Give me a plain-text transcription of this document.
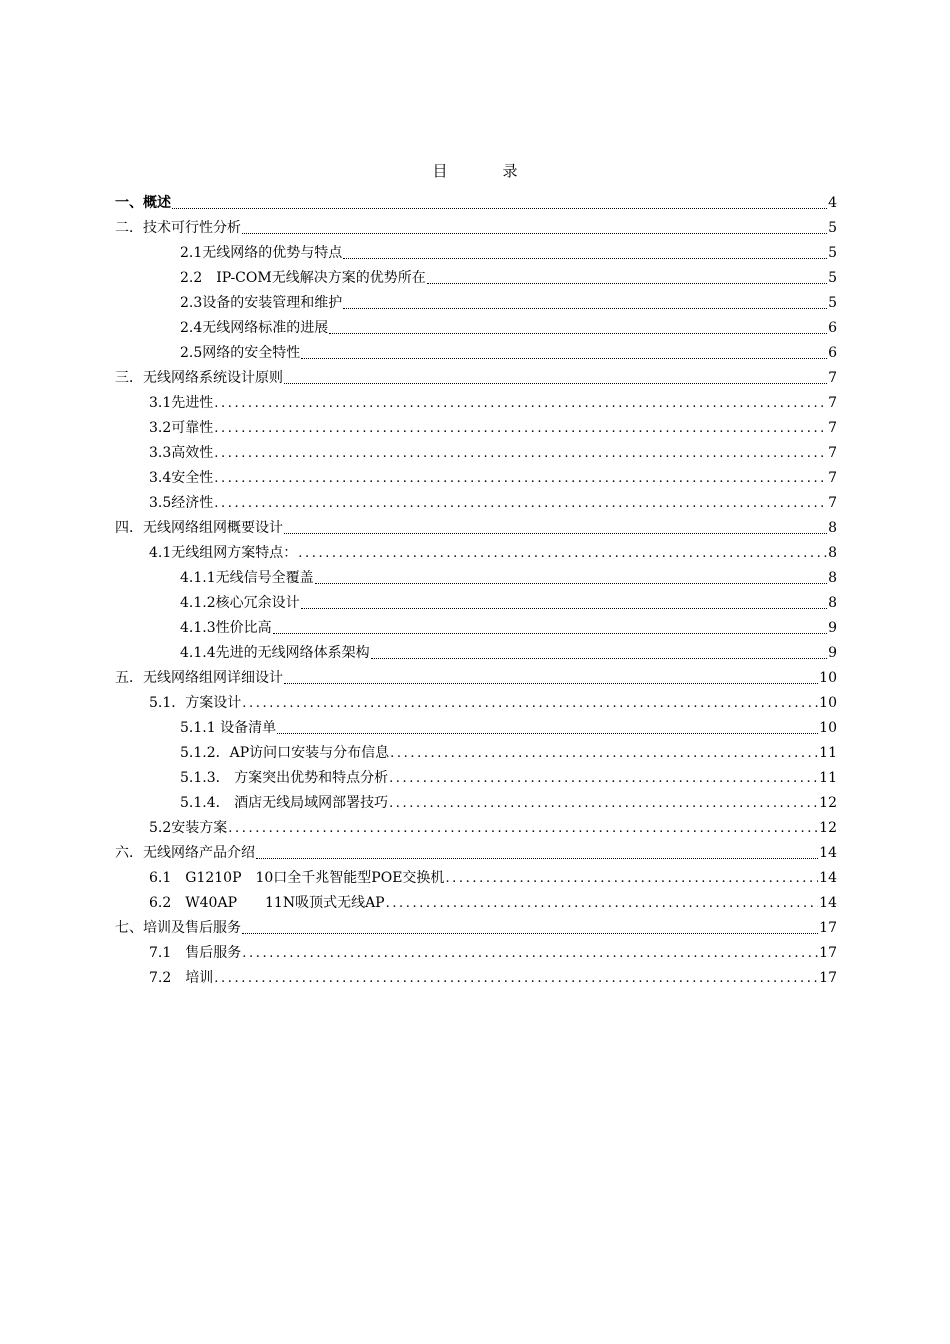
目　录
一、概述	4
二．技术可行性分析	5
2.1无线网络的优势与特点	5
2.2　IP-COM无线解决方案的优势所在	5
2.3设备的安装管理和维护	5
2.4无线网络标准的进展	6
2.5网络的安全特性	6
三．无线网络系统设计原则	7
3.1先进性 .....	7
3.2可靠性 .....	7
3.3高效性 .....	7
3.4安全性 .....	7
3.5经济性 .....	7
四．无线网络组网概要设计	8
4.1无线组网方案特点： .....	8
4.1.1无线信号全覆盖	8
4.1.2核心冗余设计	8
4.1.3性价比高	9
4.1.4先进的无线网络体系架构	9
五．无线网络组网详细设计	10
5.1．方案设计 .....	10
5.1.1 设备清单	10
5.1.2．AP访问口安装与分布信息 .....	11
5.1.3． 方案突出优势和特点分析 .....	11
5.1.4． 酒店无线局域网部署技巧 .....	12
5.2安装方案 .....	12
六．无线网络产品介绍	14
6.1　G1210P　10口全千兆智能型POE交换机 .....	14
6.2　W40AP　　11N吸顶式无线AP .....	14
七、培训及售后服务	17
7.1　售后服务 .....	17
7.2　培训 .....	17
